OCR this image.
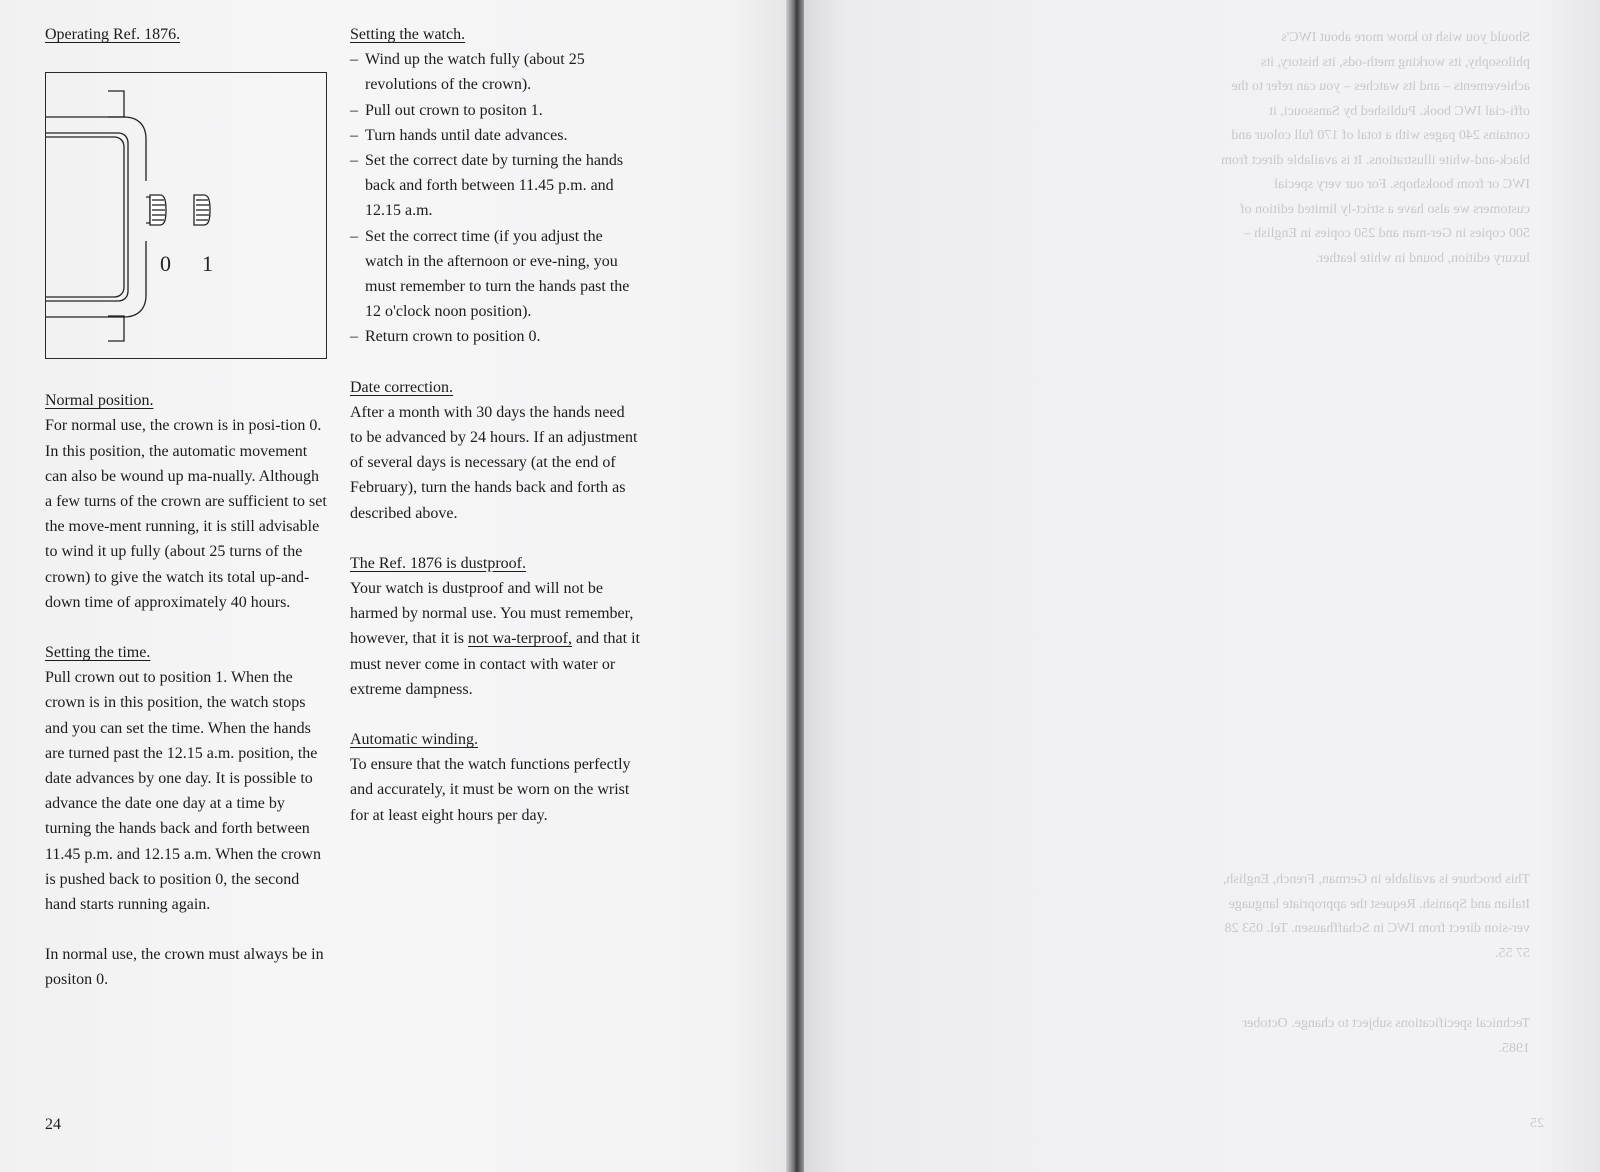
0 1

Operating Ref. 1876.

Normal position.

For normal use, the crown is in posi-tion 0. In this position, the automatic movement can also be wound up ma-nually. Although a few turns of the crown are sufficient to set the move-ment running, it is still advisable to wind it up fully (about 25 turns of the crown) to give the watch its total up-and-down time of approximately 40 hours.

Setting the time.

Pull crown out to position 1. When the crown is in this position, the watch stops and you can set the time. When the hands are turned past the 12.15 a.m. position, the date advances by one day. It is possible to advance the date one day at a time by turning the hands back and forth between 11.45 p.m. and 12.15 a.m. When the crown is pushed back to position 0, the second hand starts running again.

In normal use, the crown must always be in positon 0.

24

Setting the watch.

– Wind up the watch fully (about 25 revolutions of the crown).
– Pull out crown to positon 1.
– Turn hands until date advances.
– Set the correct date by turning the hands back and forth between 11.45 p.m. and 12.15 a.m.
– Set the correct time (if you adjust the watch in the afternoon or eve-ning, you must remember to turn the hands past the 12 o'clock noon position).
– Return crown to position 0.

Date correction.

After a month with 30 days the hands need to be advanced by 24 hours. If an adjustment of several days is necessary (at the end of February), turn the hands back and forth as described above.

The Ref. 1876 is dustproof.

Your watch is dustproof and will not be harmed by normal use. You must remember, however, that it is not wa-terproof, and that it must never come in contact with water or extreme dampness.

Automatic winding.

To ensure that the watch functions perfectly and accurately, it must be worn on the wrist for at least eight hours per day.

Should you wish to know more about IWC's philosophy, its working meth-ods, its history, its achievements – and its watches – you can refer to the offi-cial IWC book. Published by Sanssouci, it contains 240 pages with a total of 170 full colour and black-and-white illustrations. It is available direct from IWC or from bookshops. For our very special customers we also have a strict-ly limited edition of 500 copies in Ger-man and 250 copies in English – luxury edition, bound in white leather.

This brochure is available in German, French, English, Italian and Spanish. Request the appropriate language ver-sion direct from IWC in Schaffhausen. Tel. 053 28 57 55.

Technical specifications subject to change. October 1985.

25
